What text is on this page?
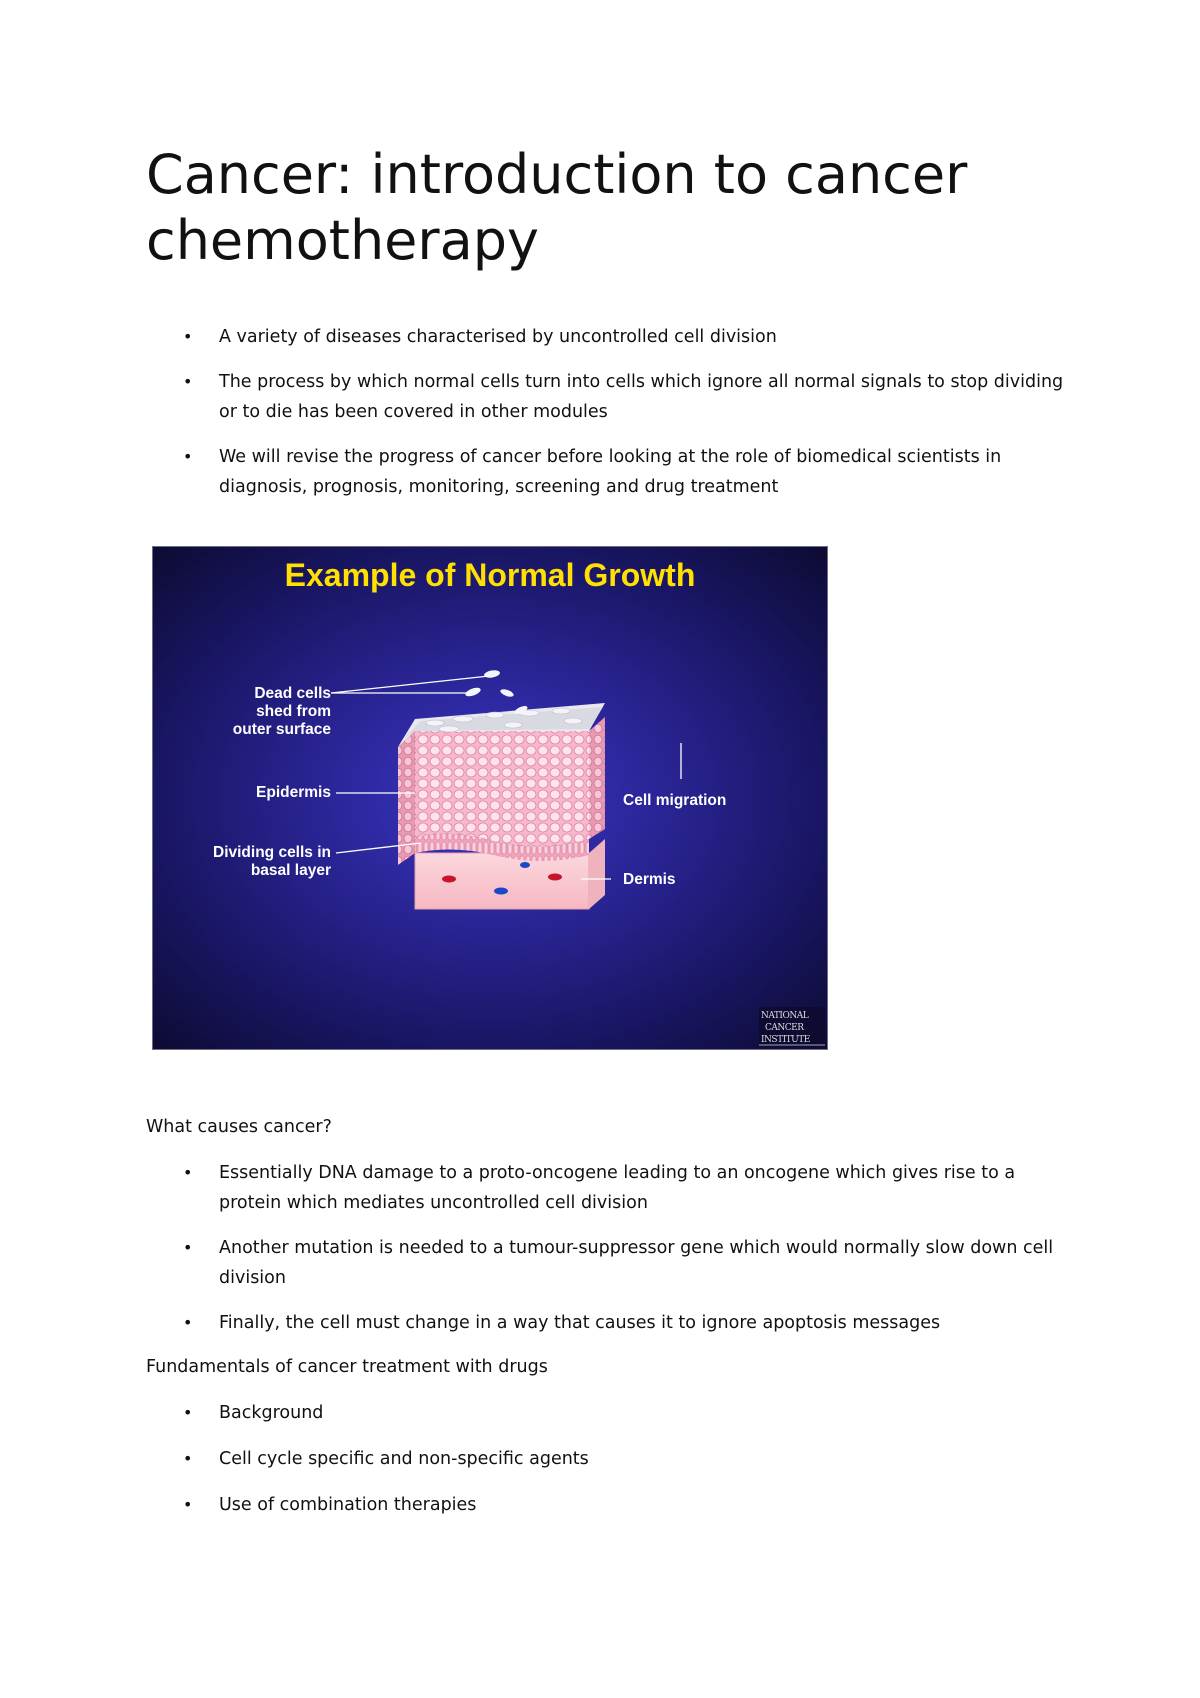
Cancer: introduction to cancer chemotherapy
• A variety of diseases characterised by uncontrolled cell division
• The process by which normal cells turn into cells which ignore all normal signals to stop dividing or to die has been covered in other modules
• We will revise the progress of cancer before looking at the role of biomedical scientists in diagnosis, prognosis, monitoring, screening and drug treatment
Example of Normal Growth
Dead cells shed from outer surface
Epidermis
Dividing cells in basal layer
Cell migration
Dermis
NATIONAL
CANCER
INSTITUTE

What causes cancer?

• Essentially DNA damage to a proto-oncogene leading to an oncogene which gives rise to a protein which mediates uncontrolled cell division
• Another mutation is needed to a tumour-suppressor gene which would normally slow down cell division
• Finally, the cell must change in a way that causes it to ignore apoptosis messages

Fundamentals of cancer treatment with drugs

• Background
• Cell cycle specific and non-specific agents
• Use of combination therapies
